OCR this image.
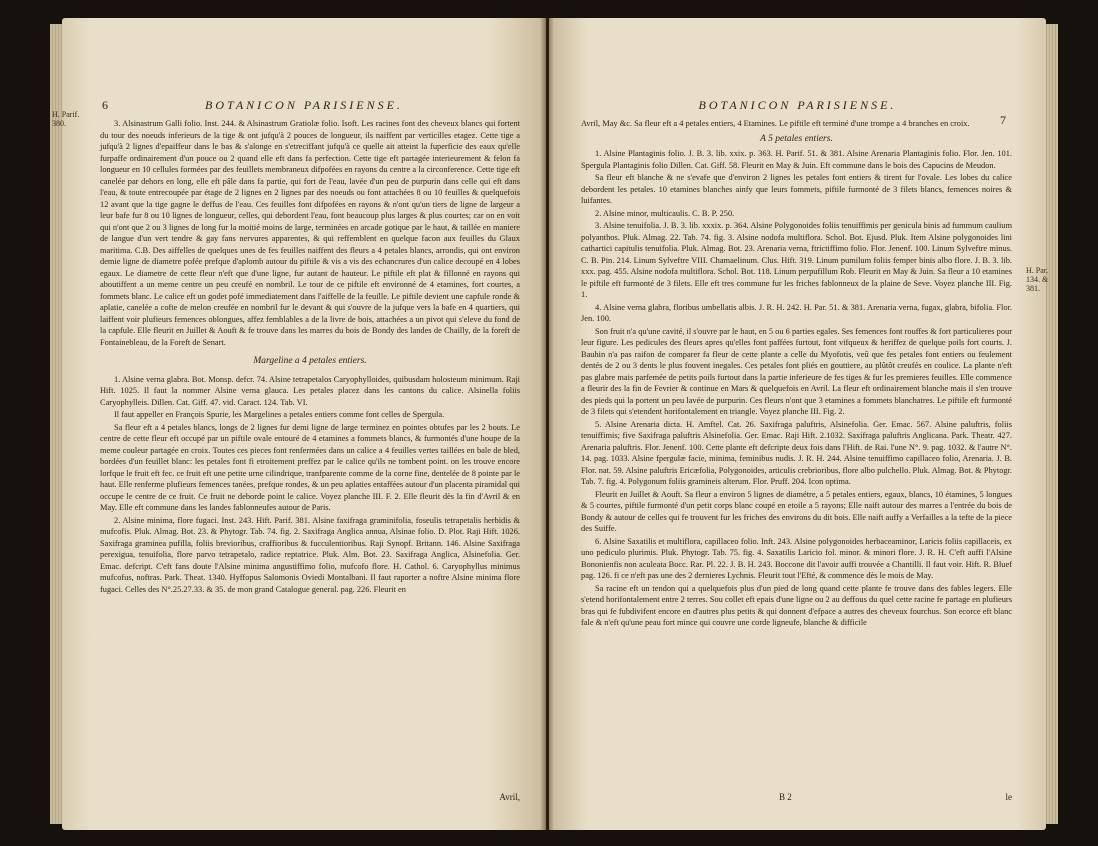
6	BOTANICON PARISIENSE.
H. Parif. 380.	3. Alsinastrum Galli folio. Inst. 244. & Alsinastrum Gratiolæ folio. Isoft. Les racines font des cheveux blancs qui fortent du tour des noeuds inferieurs de la tige & ont jufqu'à 2 pouces de longueur, ils naiffent par verticilles etagez. Cette tige a jufqu'à 2 lignes d'epaiffeur dans le bas & s'alonge en s'etreciffant jufqu'à ce quelle ait atteint la fuperficie des eaux qu'elle furpaffe ordinairement d'un pouce ou 2 quand elle eft dans fa perfection. Cette tige eft partagée interieurement & felon fa longueur en 10 cellules formées par des feuillets membraneux difpofées en rayons du centre a la circonference. Cette tige eft canelée par dehors en long, elle eft pâle dans fa partie, qui fort de l'eau, lavée d'un peu de purpurin dans celle qui eft dans l'eau, & toute entrecoupée par étage de 2 lignes en 2 lignes par des noeuds ou font attachées 8 ou 10 feuilles & quelquefois 12 avant que la tige gagne le deffus de l'eau. Ces feuilles font difpofées en rayons & n'ont qu'un tiers de ligne de largeur a leur bafe fur 8 ou 10 lignes de longueur, celles, qui debordent l'eau, font beaucoup plus larges & plus courtes; car on en voit qui n'ont que 2 ou 3 lignes de long fur la moitié moins de large, terminées en arcade gotique par le haut, & taillée en maniere de langue d'un vert tendre & gay fans nervures apparentes, & qui reffemblent en quelque facon aux feuilles du Glaux maritima. C.B. Des aiffelles de quelques unes de fes feuilles naiffent des fleurs a 4 petales blancs, arrondis, qui ont environ demie ligne de diametre pofée prefque d'aplomb autour du piftile & vis a vis des echancrures d'un calice decoupé en 4 lobes egaux. Le diametre de cette fleur n'eft que d'une ligne, fur autant de hauteur. Le piftile eft plat & fillonné en rayons qui aboutiffent a un meme centre un peu creufé en nombril. Le tour de ce piftile eft environné de 4 etamines, fort courtes, a fommets blanc. Le calice eft un godet pofé immediatement dans l'aiffelle de la feuille. Le piftile devient une capfule ronde & aplatie, canelée a cofte de melon creufée en nombril fur le devant & qui s'ouvre de la jufque vers la bafe en 4 quartiers, qui laiffent voir plufieurs femences oblongues, affez femblables a de la livre de bois, attachées a un pivot qui s'eleve du fond de la capfule. Elle fleurit en Juillet & Aouft & fe trouve dans les marres du bois de Bondy des landes de Chailly, de la foreft de Fontainebleau, de la Foreft de Senart.

Margeline a 4 petales entiers.

1. Alsine verna glabra. Bot. Monsp. defcr. 74. Alsine tetrapetalos Caryophylloides, quibusdam holosteum minimum. Raji Hift. 1025. Il faut la nommer Alsine verna glauca. Les petales placez dans les cantons du calice. Alsinella foliis Caryophylleis. Dillen. Cat. Giff. 47. vid. Caract. 124. Tab. VI.

Il faut appeller en François Spurie, les Margelines a petales entiers comme font celles de Spergula.

Sa fleur eft a 4 petales blancs, longs de 2 lignes fur demi ligne de large terminez en pointes obtufes par les 2 bouts. Le centre de cette fleur eft occupé par un piftile ovale entouré de 4 etamines a fommets blancs, & furmontés d'une houpe de la meme couleur partagée en croix. Toutes ces pieces font renfermées dans un calice a 4 feuilles vertes taillées en bale de bled, bordées d'un feuillet blanc: les petales font fi etroitement preffez par le calice qu'ils ne tombent point. on les trouve encore lorfque le fruit eft fec. ce fruit eft une petite urne cilindrique, tranfparente comme de la corne fine, dentelée de 8 pointe par le haut. Elle renferme plufieurs femences tanées, prefque rondes, & un peu aplaties entaffées autour d'un placenta piramidal qui occupe le centre de ce fruit. Ce fruit ne deborde point le calice. Voyez planche III. F. 2. Elle fleurit dès la fin d'Avril & en May. Elle eft commune dans les landes fablonneufes autour de Paris.

2. Alsine minima, flore fugaci. Inst. 243. Hift. Parif. 381. Alsine faxifraga graminifolia, foseulis tetrapetalis herbidis & mufcofis. Pluk. Almag. Bot. 23. & Phytogr. Tab. 74. fig. 2. Saxifraga Anglica annua, Alsinae folio. D. Plot. Raji Hift. 1026. Saxifraga graminea pufilla, foliis brevioribus, craffioribus & fucculentioribus. Raji Synopf. Britann. 146. Alsine Saxifraga perexigua, tenuifolia, flore parvo tetrapetalo, radice reptatrice. Pluk. Alm. Bot. 23. Saxifraga Anglica, Alsinefolia. Ger. Emac. defcript. C'eft fans doute l'Alsine minima angustiffimo folio, mufcofo flore. H. Cathol. 6. Caryophyllus minimus mufcofus, noftras. Park. Theat. 1340. Hyffopus Salomonis Oviedi Montalbani. Il faut raporter a noftre Alsine minima flore fugaci. Celles des N°.25.27.33. & 35. de mon grand Catalogue general. pag. 226. Fleurit en

Avril,
BOTANICON PARISIENSE.
7
H. Par. 134. & 381.

Avril, May &c. Sa fleur eft a 4 petales entiers, 4 Etamines. Le piftile eft terminé d'une trompe a 4 branches en croix.

A 5 petales entiers.

1. Alsine Plantaginis folio. J. B. 3. lib. xxix. p. 363. H. Parif. 51. & 381. Alsine Arenaria Plantaginis folio. Flor. Jen. 101. Spergula Plantaginis folio Dillen. Cat. Giff. 58. Fleurit en May & Juin. Eft commune dans le bois des Capucins de Meudon.

Sa fleur eft blanche & ne s'evafe que d'environ 2 lignes les petales font entiers & tirent fur l'ovale. Les lobes du calice debordent les petales. 10 etamines blanches ainfy que leurs fommets, piftile furmonté de 3 filets blancs, femences noires & luifantes.

2. Alsine minor, multicaulis. C. B. P. 250.

3. Alsine tenuifolia. J. B. 3. lib. xxxix. p. 364. Alsine Polygonoides foliis tenuiffimis per genicula binis ad fummum caulium polyanthos. Pluk. Almag. 22. Tab. 74. fig. 3. Alsine nodofa multiflora. Schol. Bot. Ejusd. Pluk. Item Alsine polygonoides lini cathartici capitulis tenuifolia. Pluk. Almag. Bot. 23. Arenaria verna, ftrictiffimo folio. Flor. Jenenf. 100. Linum Sylveftre minus. C. B. Pin. 214. Linum Sylveftre VIII. Chamaelinum. Clus. Hift. 319. Linum pumilum foliis femper binis albo flore. J. B. 3. lib. xxx. pag. 455. Alsine nodofa multiflora. Schol. Bot. 118. Linum perpufillum Rob. Fleurit en May & Juin. Sa fleur a 10 etamines le piftile eft furmonté de 3 filets. Elle eft tres commune fur les friches fablonneux de la plaine de Seve. Voyez planche III. Fig. 1.

4. Alsine verna glabra, floribus umbellatis albis. J. R. H. 242. H. Par. 51. & 381. Arenaria verna, fugax, glabra, bifolia. Flor. Jen. 100.

Son fruit n'a qu'une cavité, il s'ouvre par le haut, en 5 ou 6 parties egales. Ses femences font rouffes & fort particulieres pour leur figure. Les pedicules des fleurs apres qu'elles font paffées furtout, font vifqueux & heriffez de quelque poils fort courts. J. Bauhin n'a pas raifon de comparer fa fleur de cette plante a celle du Myofotis, veû que fes petales font entiers ou feulement dentés de 2 ou 3 dents le plus fouvent inegales. Ces petales font pliés en gouttiere, au plûtôt creufés en coulice. La plante n'eft pas glabre mais parfemée de petits poils furtout dans la partie inferieure de fes tiges & fur les premieres feuilles. Elle commence a fleurir des la fin de Fevrier & continue en Mars & quelquefois en Avril. La fleur eft ordinairement blanche mais il s'en trouve des pieds qui la portent un peu lavée de purpurin. Ces fleurs n'ont que 3 etamines a fommets blanchatres. Le piftile eft furmonté de 3 filets qui s'etendent horifontalement en triangle. Voyez planche III. Fig. 2.

5. Alsine Arenaria dicta. H. Amftel. Cat. 26. Saxifraga paluftris, Alsinefolia. Ger. Emac. 567. Alsine paluftris, foliis tenuiffimis; five Saxifraga paluftris Alsinefolia. Ger. Emac. Raji Hift. 2.1032. Saxifraga paluftris Anglicana. Park. Theatr. 427. Arenaria paluftris. Flor. Jenenf. 100. Cette plante eft defcripte deux fois dans l'Hift. de Rai. l'une N°. 9. pag. 1032. & l'autre N°. 14. pag. 1033. Alsine fpergulæ facie, minima, feminibus nudis. J. R. H. 244. Alsine tenuiffimo capillaceo folio, Arenaria. J. B. Flor. nat. 59. Alsine paluftris Ericæfolia, Polygonoides, articulis crebrioribus, flore albo pulchello. Pluk. Almag. Bot. & Phytogr. Tab. 7. fig. 4. Polygonum foliis gramineis alterum. Flor. Pruff. 204. Icon optima.

Fleurit en Juillet & Aouft. Sa fleur a environ 5 lignes de diamétre, a 5 petales entiers, egaux, blancs, 10 étamines, 5 longues & 5 courtes, piftile furmonté d'un petit corps blanc coupé en etoile a 5 rayons; Elle naift autour des marres a l'entrée du bois de Bondy & autour de celles qui fe trouvent fur les friches des environs du dit bois. Elle naift auffy a Verfailles a la tefte de la piece des Suiffe.

6. Alsine Saxatilis et multiflora, capillaceo folio. Inft. 243. Alsine polygonoides herbaceaminor, Laricis foliis capillaceis, ex uno pediculo plurimis. Pluk. Phytogr. Tab. 75. fig. 4. Saxatilis Laricio fol. minor. & minori flore. J. R. H. C'eft auffi l'Alsine Bononienfis non aculeata Bocc. Rar. Pl. 22. J. B. H. 243. Boccone dit l'avoir auffi trouvée a Chantilli. Il faut voir. Hift. R. Bluef pag. 126. fi ce n'eft pas une des 2 dernieres Lychnis. Fleurit tout l'Efté, & commence dès le mois de May.

Sa racine eft un tendon qui a quelquefois plus d'un pied de long quand cette plante fe trouve dans des fables legers. Elle s'etend horifontalement entre 2 terres. Sou collet eft epais d'une ligne ou 2 au deffous du quel cette racine fe partage en plufieurs bras qui fe fubdivifent encore en d'autres plus petits & qui donnent d'efpace a autres des cheveux fourchus. Son ecorce eft blanc fale & n'eft qu'une peau fort mince qui couvre une corde ligneufe, blanche & difficile

B 2	le
